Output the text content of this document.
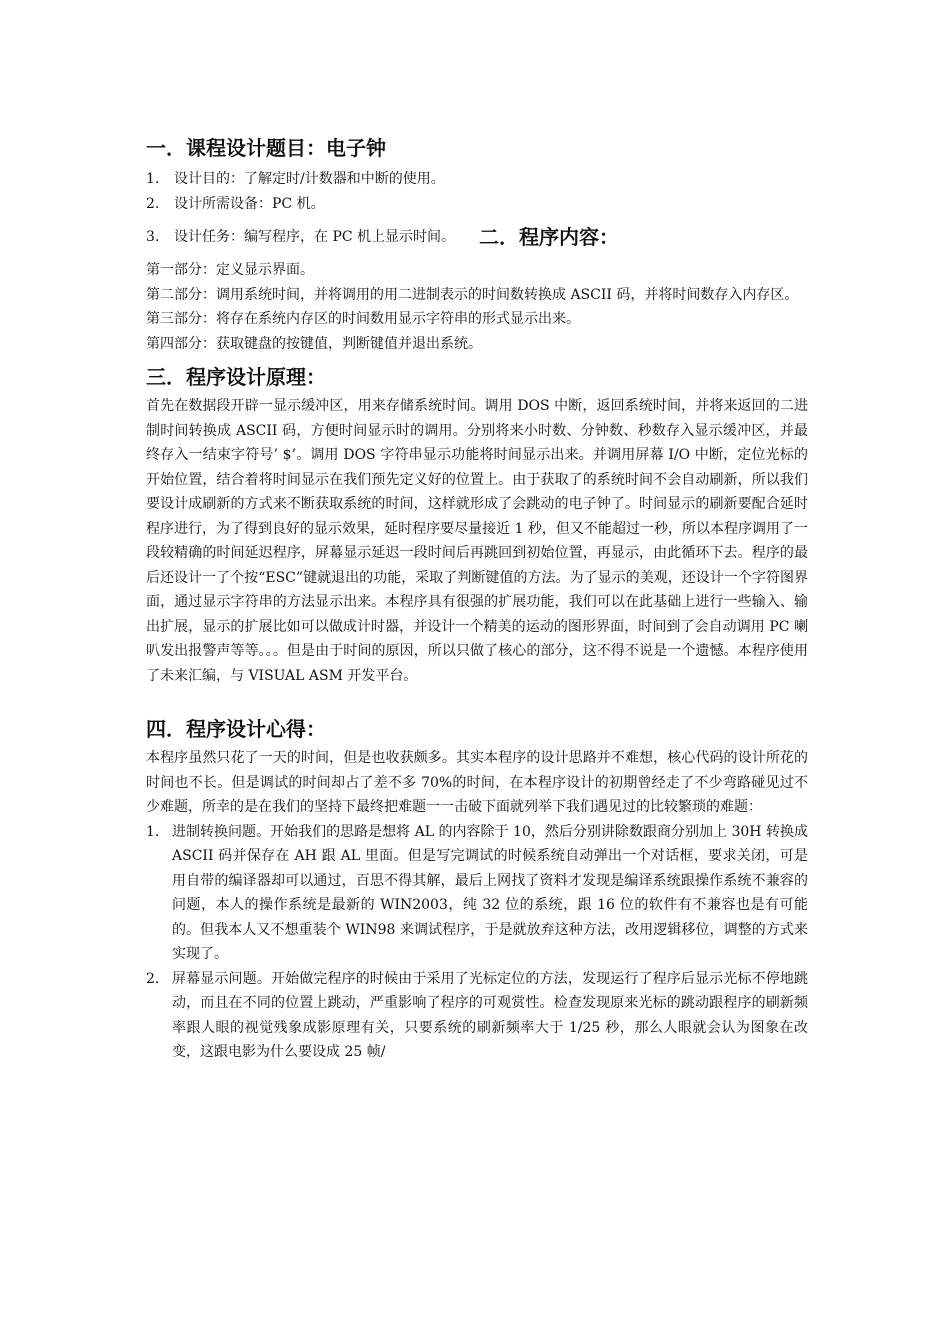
一．课程设计题目：电子钟
1. 设计目的：了解定时/计数器和中断的使用。
2. 设计所需设备：PC 机。
3. 设计任务：编写程序，在 PC 机上显示时间。 二．程序内容：

第一部分：定义显示界面。

第二部分：调用系统时间，并将调用的用二进制表示的时间数转换成 ASCII 码，并将时间数存入内存区。

第三部分：将存在系统内存区的时间数用显示字符串的形式显示出来。

第四部分：获取键盘的按键值，判断键值并退出系统。

三．程序设计原理：

首先在数据段开辟一显示缓冲区，用来存储系统时间。调用 DOS 中断，返回系统时间，并将来返回的二进制时间转换成 ASCII 码，方便时间显示时的调用。分别将来小时数、分钟数、秒数存入显示缓冲区，并最终存入一结束字符号’ $’。调用 DOS 字符串显示功能将时间显示出来。并调用屏幕 I/O 中断，定位光标的开始位置，结合着将时间显示在我们预先定义好的位置上。由于获取了的系统时间不会自动刷新，所以我们要设计成刷新的方式来不断获取系统的时间，这样就形成了会跳动的电子钟了。时间显示的刷新要配合延时程序进行，为了得到良好的显示效果，延时程序要尽量接近 1 秒，但又不能超过一秒，所以本程序调用了一段较精确的时间延迟程序，屏幕显示延迟一段时间后再跳回到初始位置，再显示，由此循环下去。程序的最后还设计一了个按“ESC”键就退出的功能，采取了判断键值的方法。为了显示的美观，还设计一个字符图界面，通过显示字符串的方法显示出来。本程序具有很强的扩展功能，我们可以在此基础上进行一些输入、输出扩展，显示的扩展比如可以做成计时器，并设计一个精美的运动的图形界面，时间到了会自动调用 PC 喇叭发出报警声等等。。。但是由于时间的原因，所以只做了核心的部分，这不得不说是一个遗憾。本程序使用了未来汇编，与 VISUAL ASM 开发平台。

四．程序设计心得：

本程序虽然只花了一天的时间，但是也收获颇多。其实本程序的设计思路并不难想，核心代码的设计所花的时间也不长。但是调试的时间却占了差不多 70%的时间，在本程序设计的初期曾经走了不少弯路碰见过不少难题，所幸的是在我们的坚持下最终把难题一一击破下面就列举下我们遇见过的比较繁琐的难题：

1． 进制转换问题。开始我们的思路是想将 AL 的内容除于 10，然后分别讲除数跟商分别加上 30H 转换成 ASCII 码并保存在 AH 跟 AL 里面。但是写完调试的时候系统自动弹出一个对话框，要求关闭，可是用自带的编译器却可以通过，百思不得其解，最后上网找了资料才发现是编译系统跟操作系统不兼容的问题，本人的操作系统是最新的 WIN2003，纯 32 位的系统，跟 16 位的软件有不兼容也是有可能的。但我本人又不想重装个 WIN98 来调试程序，于是就放弃这种方法，改用逻辑移位，调整的方式来实现了。
2． 屏幕显示问题。开始做完程序的时候由于采用了光标定位的方法，发现运行了程序后显示光标不停地跳动，而且在不同的位置上跳动，严重影响了程序的可观赏性。检查发现原来光标的跳动跟程序的刷新频率跟人眼的视觉残象成影原理有关，只要系统的刷新频率大于 1/25 秒，那么人眼就会认为图象在改变，这跟电影为什么要设成 25 帧/
